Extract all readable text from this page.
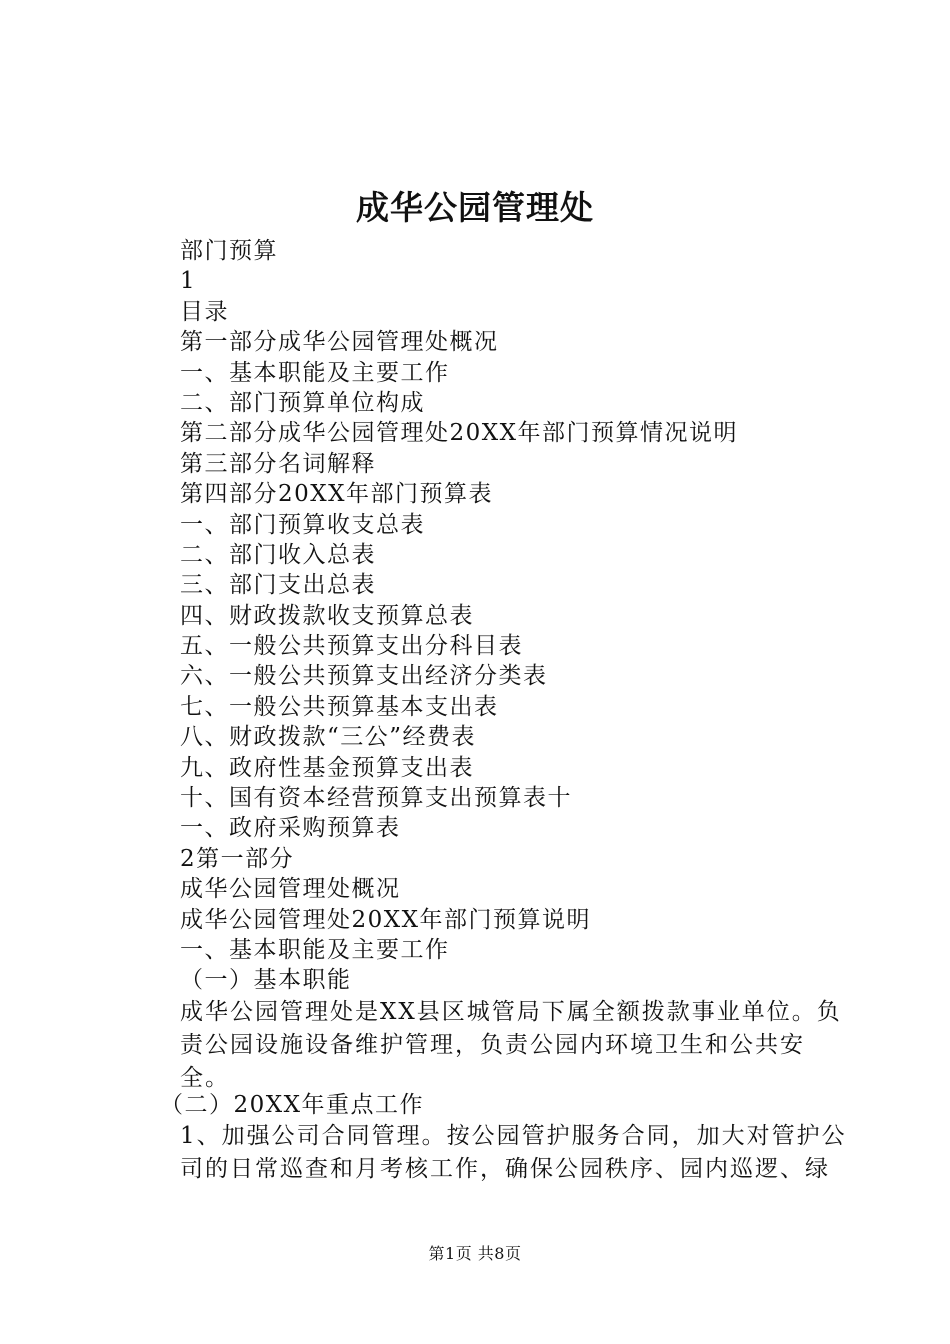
成华公园管理处
部门预算
1
目录
第一部分成华公园管理处概况
一、基本职能及主要工作
二、部门预算单位构成
第二部分成华公园管理处20XX年部门预算情况说明
第三部分名词解释
第四部分20XX年部门预算表
一、部门预算收支总表
二、部门收入总表
三、部门支出总表
四、财政拨款收支预算总表
五、一般公共预算支出分科目表
六、一般公共预算支出经济分类表
七、一般公共预算基本支出表
八、财政拨款“三公”经费表
九、政府性基金预算支出表
十、国有资本经营预算支出预算表十
一、政府采购预算表
2第一部分
成华公园管理处概况
成华公园管理处20XX年部门预算说明
一、基本职能及主要工作
（一）基本职能
成华公园管理处是XX县区城管局下属全额拨款事业单位。负责公园设施设备维护管理，负责公园内环境卫生和公共安全。
（二）20XX年重点工作
1、加强公司合同管理。按公园管护服务合同，加大对管护公司的日常巡查和月考核工作，确保公园秩序、园内巡逻、绿
第1页 共8页
